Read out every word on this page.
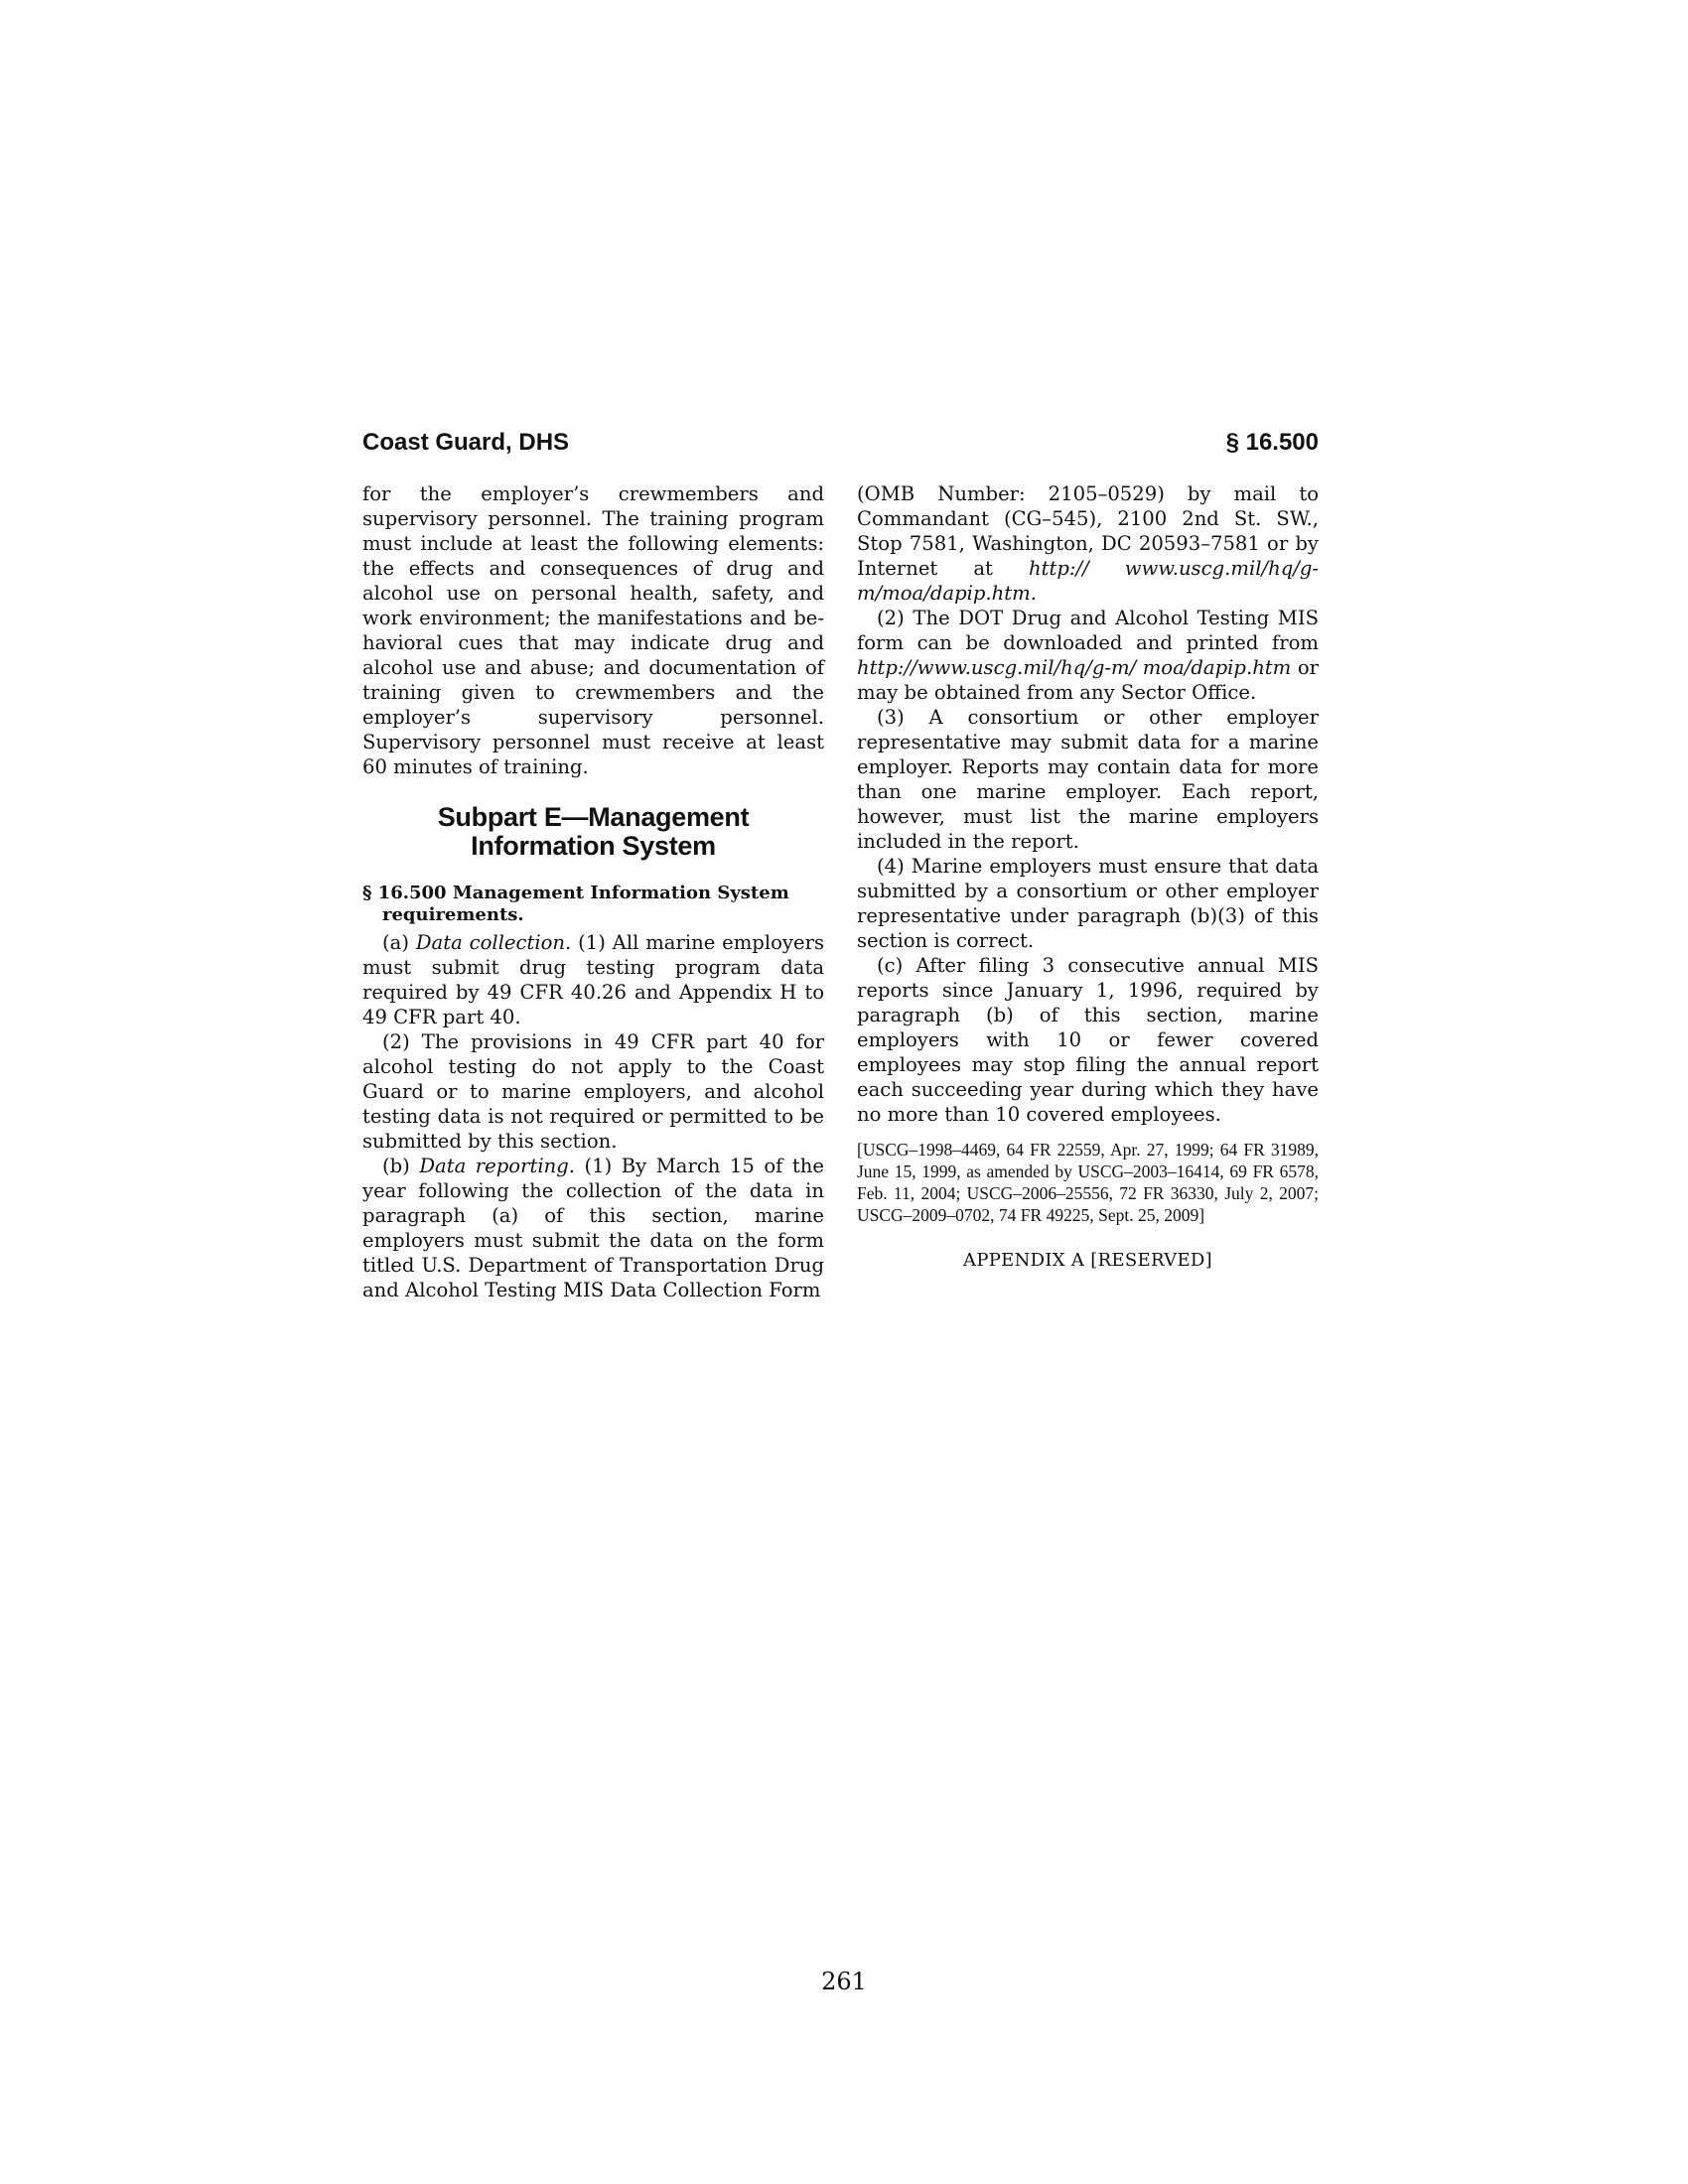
Coast Guard, DHS	§ 16.500

for the employer’s crewmembers and supervisory personnel. The training program must include at least the following elements: the effects and consequences of drug and alcohol use on personal health, safety, and work environment; the manifestations and behavioral cues that may indicate drug and alcohol use and abuse; and documentation of training given to crewmembers and the employer’s supervisory personnel. Supervisory personnel must receive at least 60 minutes of training.

Subpart E—Management
Information System
§ 16.500 Management Information System requirements.

(a) Data collection. (1) All marine employers must submit drug testing program data required by 49 CFR 40.26 and Appendix H to 49 CFR part 40.

(2) The provisions in 49 CFR part 40 for alcohol testing do not apply to the Coast Guard or to marine employers, and alcohol testing data is not required or permitted to be submitted by this section.

(b) Data reporting. (1) By March 15 of the year following the collection of the data in paragraph (a) of this section, marine employers must submit the data on the form titled U.S. Department of Transportation Drug and Alcohol Testing MIS Data Collection Form

(OMB Number: 2105–0529) by mail to Commandant (CG–545), 2100 2nd St. SW., Stop 7581, Washington, DC 20593–7581 or by Internet at http:// www.uscg.mil/hq/g-m/moa/dapip.htm.

(2) The DOT Drug and Alcohol Testing MIS form can be downloaded and printed from http://www.uscg.mil/hq/g-m/ moa/dapip.htm or may be obtained from any Sector Office.

(3) A consortium or other employer representative may submit data for a marine employer. Reports may contain data for more than one marine employer. Each report, however, must list the marine employers included in the report.

(4) Marine employers must ensure that data submitted by a consortium or other employer representative under paragraph (b)(3) of this section is correct.

(c) After filing 3 consecutive annual MIS reports since January 1, 1996, required by paragraph (b) of this section, marine employers with 10 or fewer covered employees may stop filing the annual report each succeeding year during which they have no more than 10 covered employees.

[USCG–1998–4469, 64 FR 22559, Apr. 27, 1999; 64 FR 31989, June 15, 1999, as amended by USCG–2003–16414, 69 FR 6578, Feb. 11, 2004; USCG–2006–25556, 72 FR 36330, July 2, 2007; USCG–2009–0702, 74 FR 49225, Sept. 25, 2009]

APPENDIX A [RESERVED]

261
